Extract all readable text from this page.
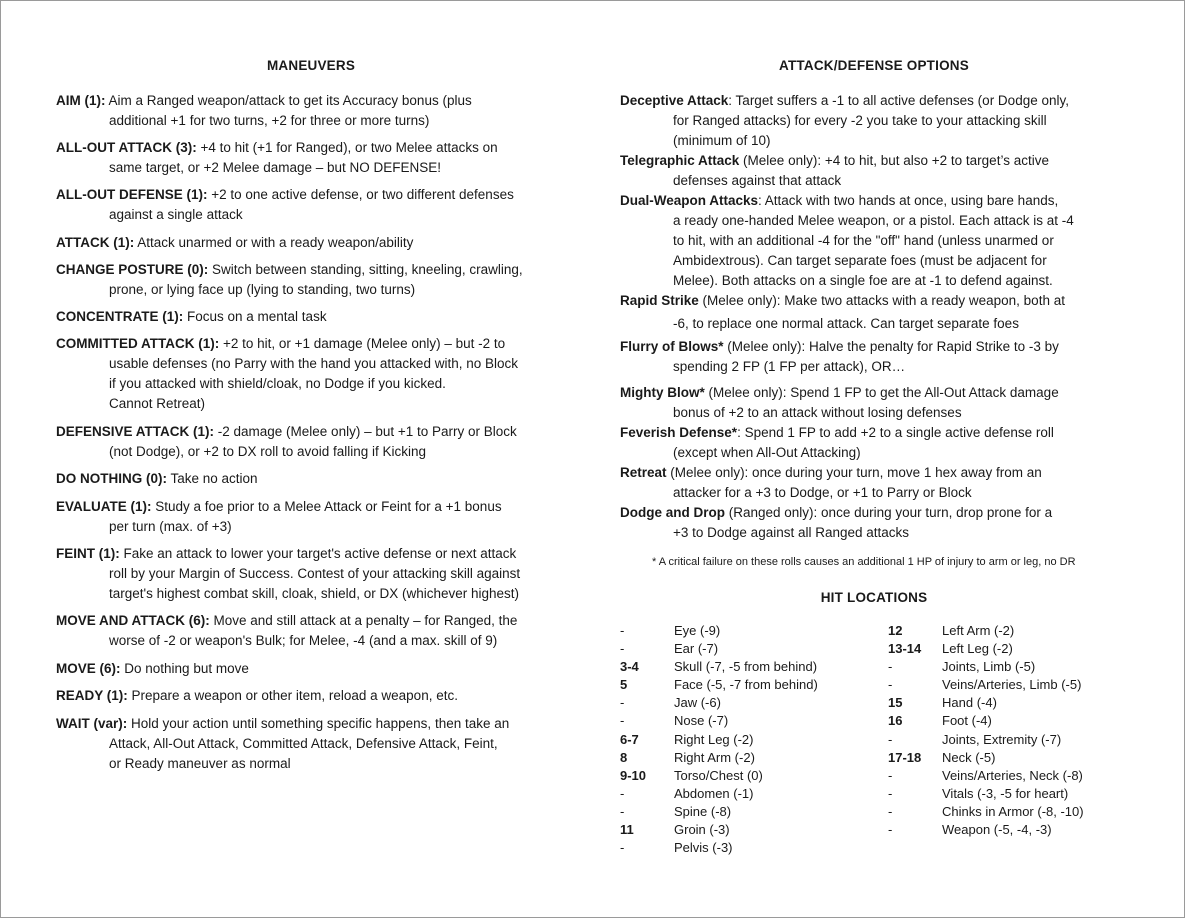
MANEUVERS
AIM (1): Aim a Ranged weapon/attack to get its Accuracy bonus (plus
additional +1 for two turns, +2 for three or more turns)
ALL-OUT ATTACK (3): +4 to hit (+1 for Ranged), or two Melee attacks on
same target, or +2 Melee damage – but NO DEFENSE!
ALL-OUT DEFENSE (1): +2 to one active defense, or two different defenses
against a single attack
ATTACK (1): Attack unarmed or with a ready weapon/ability
CHANGE POSTURE (0): Switch between standing, sitting, kneeling, crawling,
prone, or lying face up (lying to standing, two turns)
CONCENTRATE (1): Focus on a mental task
COMMITTED ATTACK (1): +2 to hit, or +1 damage (Melee only) – but -2 to
usable defenses (no Parry with the hand you attacked with, no Block
if you attacked with shield/cloak, no Dodge if you kicked.
Cannot Retreat)
DEFENSIVE ATTACK (1): -2 damage (Melee only) – but +1 to Parry or Block
(not Dodge), or +2 to DX roll to avoid falling if Kicking
DO NOTHING (0): Take no action
EVALUATE (1): Study a foe prior to a Melee Attack or Feint for a +1 bonus
per turn (max. of +3)
FEINT (1): Fake an attack to lower your target's active defense or next attack
roll by your Margin of Success. Contest of your attacking skill against
target's highest combat skill, cloak, shield, or DX (whichever highest)
MOVE AND ATTACK (6): Move and still attack at a penalty – for Ranged, the
worse of -2 or weapon's Bulk; for Melee, -4 (and a max. skill of 9)
MOVE (6): Do nothing but move
READY (1): Prepare a weapon or other item, reload a weapon, etc.
WAIT (var): Hold your action until something specific happens, then take an
Attack, All-Out Attack, Committed Attack, Defensive Attack, Feint,
or Ready maneuver as normal
ATTACK/DEFENSE OPTIONS
* A critical failure on these rolls causes an additional 1 HP of injury to arm or leg, no DR
HIT LOCATIONS
-	Eye (-9)
-	Ear (-7)
3-4	Skull (-7, -5 from behind)
5	Face (-5, -7 from behind)
-	Jaw (-6)
-	Nose (-7)
6-7	Right Leg (-2)
8	Right Arm (-2)
9-10 Torso/Chest (0)
-	Abdomen (-1)
-	Spine (-8)
11	Groin (-3)
-	Pelvis (-3)
12	Left Arm (-2)
13-14 Left Leg (-2)
-	Joints, Limb (-5)
-	Veins/Arteries, Limb (-5)
15	Hand (-4)
16	Foot (-4)
-	Joints, Extremity (-7)
17-18 Neck (-5)
-	Veins/Arteries, Neck (-8)
-	Vitals (-3, -5 for heart)
-	Chinks in Armor (-8, -10)
-	Weapon (-5, -4, -3)
Deceptive Attack: Target suffers a -1 to all active defenses (or Dodge only,
for Ranged attacks) for every -2 you take to your attacking skill
(minimum of 10)
Telegraphic Attack (Melee only): +4 to hit, but also +2 to target’s active
defenses against that attack
Dual-Weapon Attacks: Attack with two hands at once, using bare hands,
a ready one-handed Melee weapon, or a pistol. Each attack is at -4
to hit, with an additional -4 for the "off" hand (unless unarmed or
Ambidextrous). Can target separate foes (must be adjacent for
Melee). Both attacks on a single foe are at -1 to defend against.
Rapid Strike (Melee only): Make two attacks with a ready weapon, both at
-6, to replace one normal attack. Can target separate foes
Flurry of Blows* (Melee only): Halve the penalty for Rapid Strike to -3 by
spending 2 FP (1 FP per attack), OR…
Mighty Blow* (Melee only): Spend 1 FP to get the All-Out Attack damage
bonus of +2 to an attack without losing defenses
Feverish Defense*: Spend 1 FP to add +2 to a single active defense roll
(except when All-Out Attacking)
Retreat (Melee only): once during your turn, move 1 hex away from an
attacker for a +3 to Dodge, or +1 to Parry or Block
Dodge and Drop (Ranged only): once during your turn, drop prone for a
+3 to Dodge against all Ranged attacks
